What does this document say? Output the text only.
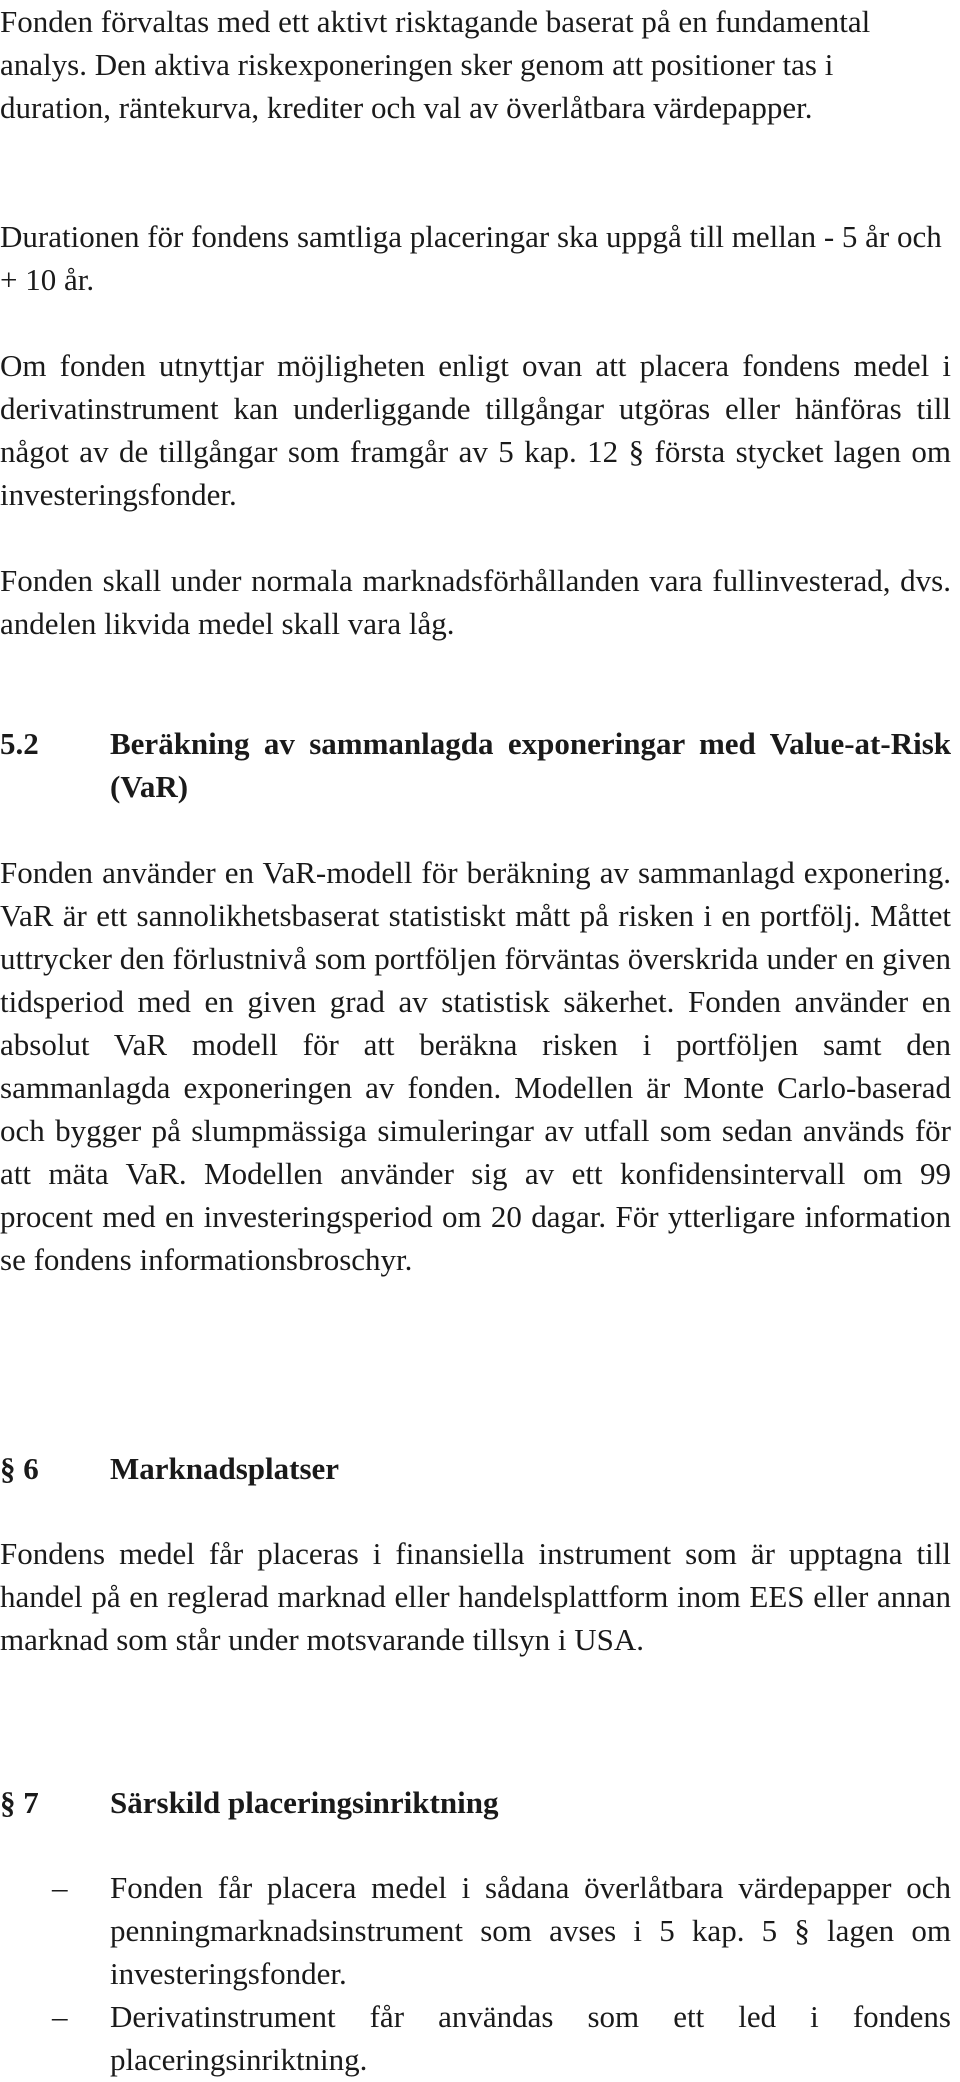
Fonden förvaltas med ett aktivt risktagande baserat på en fundamental analys. Den aktiva riskexponeringen sker genom att positioner tas i duration, räntekurva, krediter och val av överlåtbara värdepapper.

Durationen för fondens samtliga placeringar ska uppgå till mellan - 5 år och + 10 år.

Om fonden utnyttjar möjligheten enligt ovan att placera fondens medel i derivatinstrument kan underliggande tillgångar utgöras eller hänföras till något av de tillgångar som framgår av 5 kap. 12 § första stycket lagen om investeringsfonder.

Fonden skall under normala marknadsförhållanden vara fullinvesterad, dvs. andelen likvida medel skall vara låg.

5.2	Beräkning av sammanlagda exponeringar med Value-at-Risk (VaR)

Fonden använder en VaR-modell för beräkning av sammanlagd exponering. VaR är ett sannolikhetsbaserat statistiskt mått på risken i en portfölj. Måttet uttrycker den förlustnivå som portföljen förväntas överskrida under en given tidsperiod med en given grad av statistisk säkerhet. Fonden använder en absolut VaR modell för att beräkna risken i portföljen samt den sammanlagda exponeringen av fonden. Modellen är Monte Carlo-baserad och bygger på slumpmässiga simuleringar av utfall som sedan används för att mäta VaR. Modellen använder sig av ett konfidensintervall om 99 procent med en investeringsperiod om 20 dagar. För ytterligare information se fondens informationsbroschyr.

§ 6	Marknadsplatser

Fondens medel får placeras i finansiella instrument som är upptagna till handel på en reglerad marknad eller handelsplattform inom EES eller annan marknad som står under motsvarande tillsyn i USA.

§ 7	Särskild placeringsinriktning
– Fonden får placera medel i sådana överlåtbara värdepapper och penningmarknadsinstrument som avses i 5 kap. 5 § lagen om investeringsfonder.
– Derivatinstrument får användas som ett led i fondens placeringsinriktning.
